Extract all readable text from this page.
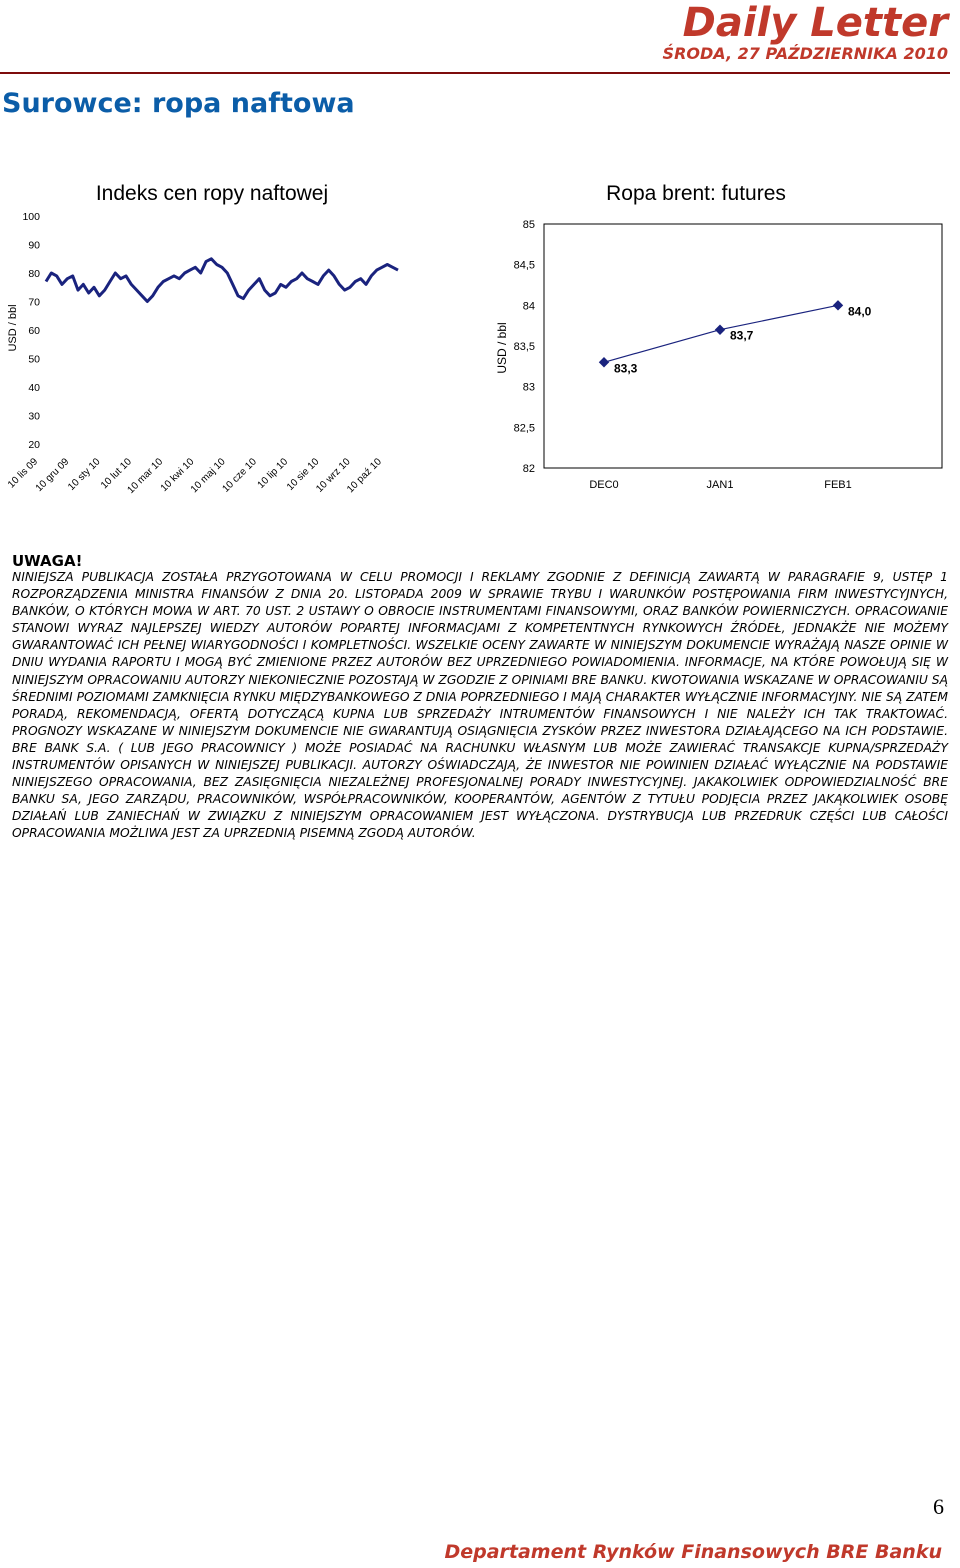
Daily Letter
ŚRODA, 27 PAŹDZIERNIKA 2010
Surowce: ropa naftowa
Indeks cen ropy naftowej
USD / bbl
100
90
80
70
60
50
40
30
20
10 lis 09
10 gru 09
10 sty 10
10 lut 10
10 mar 10
10 kwi 10
10 maj 10
10 cze 10
10 lip 10
10 sie 10
10 wrz 10
10 paź 10
Ropa brent: futures
USD / bbl
85
84,5
84
83,5
83
82,5
82
DEC0	JAN1	FEB1
83,3
83,7
84,0
UWAGA!
NINIEJSZA PUBLIKACJA ZOSTAŁA PRZYGOTOWANA W CELU PROMOCJI I REKLAMY ZGODNIE Z DEFINICJĄ ZAWARTĄ W PARAGRAFIE 9, USTĘP 1 ROZPORZĄDZENIA MINISTRA FINANSÓW Z DNIA 20. LISTOPADA 2009 W SPRAWIE TRYBU I WARUNKÓW POSTĘPOWANIA FIRM INWESTYCYJNYCH, BANKÓW, O KTÓRYCH MOWA W ART. 70 UST. 2 USTAWY O OBROCIE INSTRUMENTAMI FINANSOWYMI, ORAZ BANKÓW POWIERNICZYCH. OPRACOWANIE STANOWI WYRAZ NAJLEPSZEJ WIEDZY AUTORÓW POPARTEJ INFORMACJAMI Z KOMPETENTNYCH RYNKOWYCH ŹRÓDEŁ, JEDNAKŻE NIE MOŻEMY GWARANTOWAĆ ICH PEŁNEJ WIARYGODNOŚCI I KOMPLETNOŚCI. WSZELKIE OCENY ZAWARTE W NINIEJSZYM DOKUMENCIE WYRAŻAJĄ NASZE OPINIE W DNIU WYDANIA RAPORTU I MOGĄ BYĆ ZMIENIONE PRZEZ AUTORÓW BEZ UPRZEDNIEGO POWIADOMIENIA. INFORMACJE, NA KTÓRE POWOŁUJĄ SIĘ W NINIEJSZYM OPRACOWANIU AUTORZY NIEKONIECZNIE POZOSTAJĄ W ZGODZIE Z OPINIAMI BRE BANKU. KWOTOWANIA WSKAZANE W OPRACOWANIU SĄ ŚREDNIMI POZIOMAMI ZAMKNIĘCIA RYNKU MIĘDZYBANKOWEGO Z DNIA POPRZEDNIEGO I MAJĄ CHARAKTER WYŁĄCZNIE INFORMACYJNY. NIE SĄ ZATEM PORADĄ, REKOMENDACJĄ, OFERTĄ DOTYCZĄCĄ KUPNA LUB SPRZEDAŻY INTRUMENTÓW FINANSOWYCH I NIE NALEŻY ICH TAK TRAKTOWAĆ. PROGNOZY WSKAZANE W NINIEJSZYM DOKUMENCIE NIE GWARANTUJĄ OSIĄGNIĘCIA ZYSKÓW PRZEZ INWESTORA DZIAŁAJĄCEGO NA ICH PODSTAWIE. BRE BANK S.A. ( LUB JEGO PRACOWNICY ) MOŻE POSIADAĆ NA RACHUNKU WŁASNYM LUB MOŻE ZAWIERAĆ TRANSAKCJE KUPNA/SPRZEDAŻY INSTRUMENTÓW OPISANYCH W NINIEJSZEJ PUBLIKACJI. AUTORZY OŚWIADCZAJĄ, ŻE INWESTOR NIE POWINIEN DZIAŁAĆ WYŁĄCZNIE NA PODSTAWIE NINIEJSZEGO OPRACOWANIA, BEZ ZASIĘGNIĘCIA NIEZALEŻNEJ PROFESJONALNEJ PORADY INWESTYCYJNEJ. JAKAKOLWIEK ODPOWIEDZIALNOŚĆ BRE BANKU SA, JEGO ZARZĄDU, PRACOWNIKÓW, WSPÓŁPRACOWNIKÓW, KOOPERANTÓW, AGENTÓW Z TYTUŁU PODJĘCIA PRZEZ JAKĄKOLWIEK OSOBĘ DZIAŁAŃ LUB ZANIECHAŃ W ZWIĄZKU Z NINIEJSZYM OPRACOWANIEM JEST WYŁĄCZONA. DYSTRYBUCJA LUB PRZEDRUK CZĘŚCI LUB CAŁOŚCI OPRACOWANIA MOŻLIWA JEST ZA UPRZEDNIĄ PISEMNĄ ZGODĄ AUTORÓW.
6
Departament Rynków Finansowych BRE Banku
